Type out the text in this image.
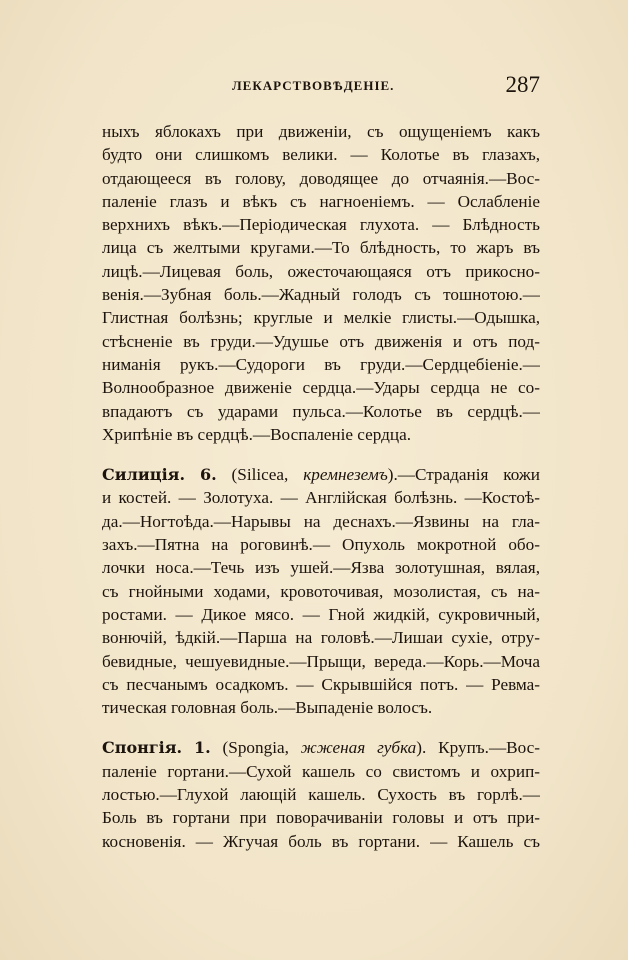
ЛЕКАРСТВОВѢДЕНІЕ.	287
ныхъ яблокахъ при движеніи, съ ощущеніемъ какъ
будто они слишкомъ велики. — Колотье въ глазахъ,
отдающееся въ голову, доводящее до отчаянія.—Вос-
паленіе глазъ и вѣкъ съ нагноеніемъ. — Ослабленіе
верхнихъ вѣкъ.—Періодическая глухота. — Блѣдность
лица съ желтыми кругами.—То блѣдность, то жаръ въ
лицѣ.—Лицевая боль, ожесточающаяся отъ прикосно-
венія.—Зубная боль.—Жадный голодъ съ тошнотою.—
Глистная болѣзнь; круглые и мелкіе глисты.—Одышка,
стѣсненіе въ груди.—Удушье отъ движенія и отъ под-
ниманія рукъ.—Судороги въ груди.—Сердцебіеніе.—
Волнообразное движеніе сердца.—Удары сердца не со-
впадаютъ съ ударами пульса.—Колотье въ сердцѣ.—
Хрипѣніе въ сердцѣ.—Воспаленіе сердца.
Силиція. 6. (Silicea, кремнеземъ).—Страданія кожи
и костей. — Золотуха. — Англійская болѣзнь. —Костоѣ-
да.—Ногтоѣда.—Нарывы на деснахъ.—Язвины на гла-
захъ.—Пятна на роговинѣ.— Опухоль мокротной обо-
лочки носа.—Течь изъ ушей.—Язва золотушная, вялая,
съ гнойными ходами, кровоточивая, мозолистая, съ на-
ростами. — Дикое мясо. — Гной жидкій, сукровичный,
вонючій, ѣдкій.—Парша на головѣ.—Лишаи сухіе, отру-
бевидные, чешуевидные.—Прыщи, вереда.—Корь.—Моча
съ песчанымъ осадкомъ. — Скрывшійся потъ. — Ревма-
тическая головная боль.—Выпаденіе волосъ.
Спонгія. 1. (Spongia, жженая губка). Крупъ.—Вос-
паленіе гортани.—Сухой кашель со свистомъ и охрип-
лостью.—Глухой лающій кашель. Сухость въ горлѣ.—
Боль въ гортани при поворачиваніи головы и отъ при-
косновенія. — Жгучая боль въ гортани. — Кашель съ
